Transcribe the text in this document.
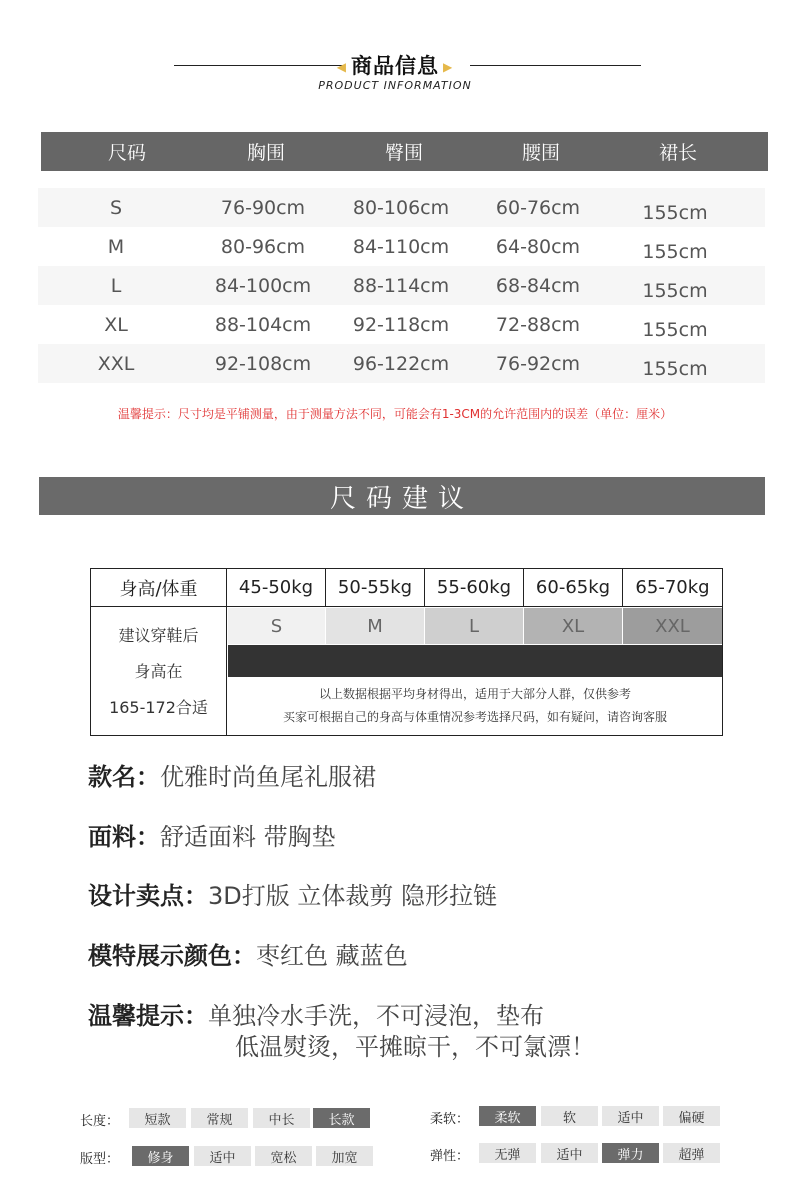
◀ 商品信息 ▶
PRODUCT INFORMATION
尺码	胸围	臀围	腰围	裙长
S	76-90cm	80-106cm	60-76cm	155cm
M	80-96cm	84-110cm	64-80cm	155cm
L	84-100cm	88-114cm	68-84cm	155cm
XL	88-104cm	92-118cm	72-88cm	155cm
XXL	92-108cm	96-122cm	76-92cm	155cm
温馨提示：尺寸均是平铺测量，由于测量方法不同，可能会有1-3CM的允许范围内的误差（单位：厘米）
尺码建议
身高/体重	45-50kg	50-55kg	55-60kg	60-65kg	65-70kg
建议穿鞋后
身高在
165-172合适
S	M	L	XL	XXL
以上数据根据平均身材得出，适用于大部分人群，仅供参考
买家可根据自己的身高与体重情况参考选择尺码，如有疑问，请咨询客服
款名：优雅时尚鱼尾礼服裙
面料：舒适面料 带胸垫
设计卖点：3D打版 立体裁剪 隐形拉链
模特展示颜色：枣红色 藏蓝色
温馨提示：单独冷水手洗，不可浸泡，垫布
低温熨烫，平摊晾干，不可氯漂！
长度：	短款	常规	中长	长款
版型：	修身	适中	宽松	加宽
柔软：	柔软	软	适中	偏硬
弹性：	无弹	适中	弹力	超弹
